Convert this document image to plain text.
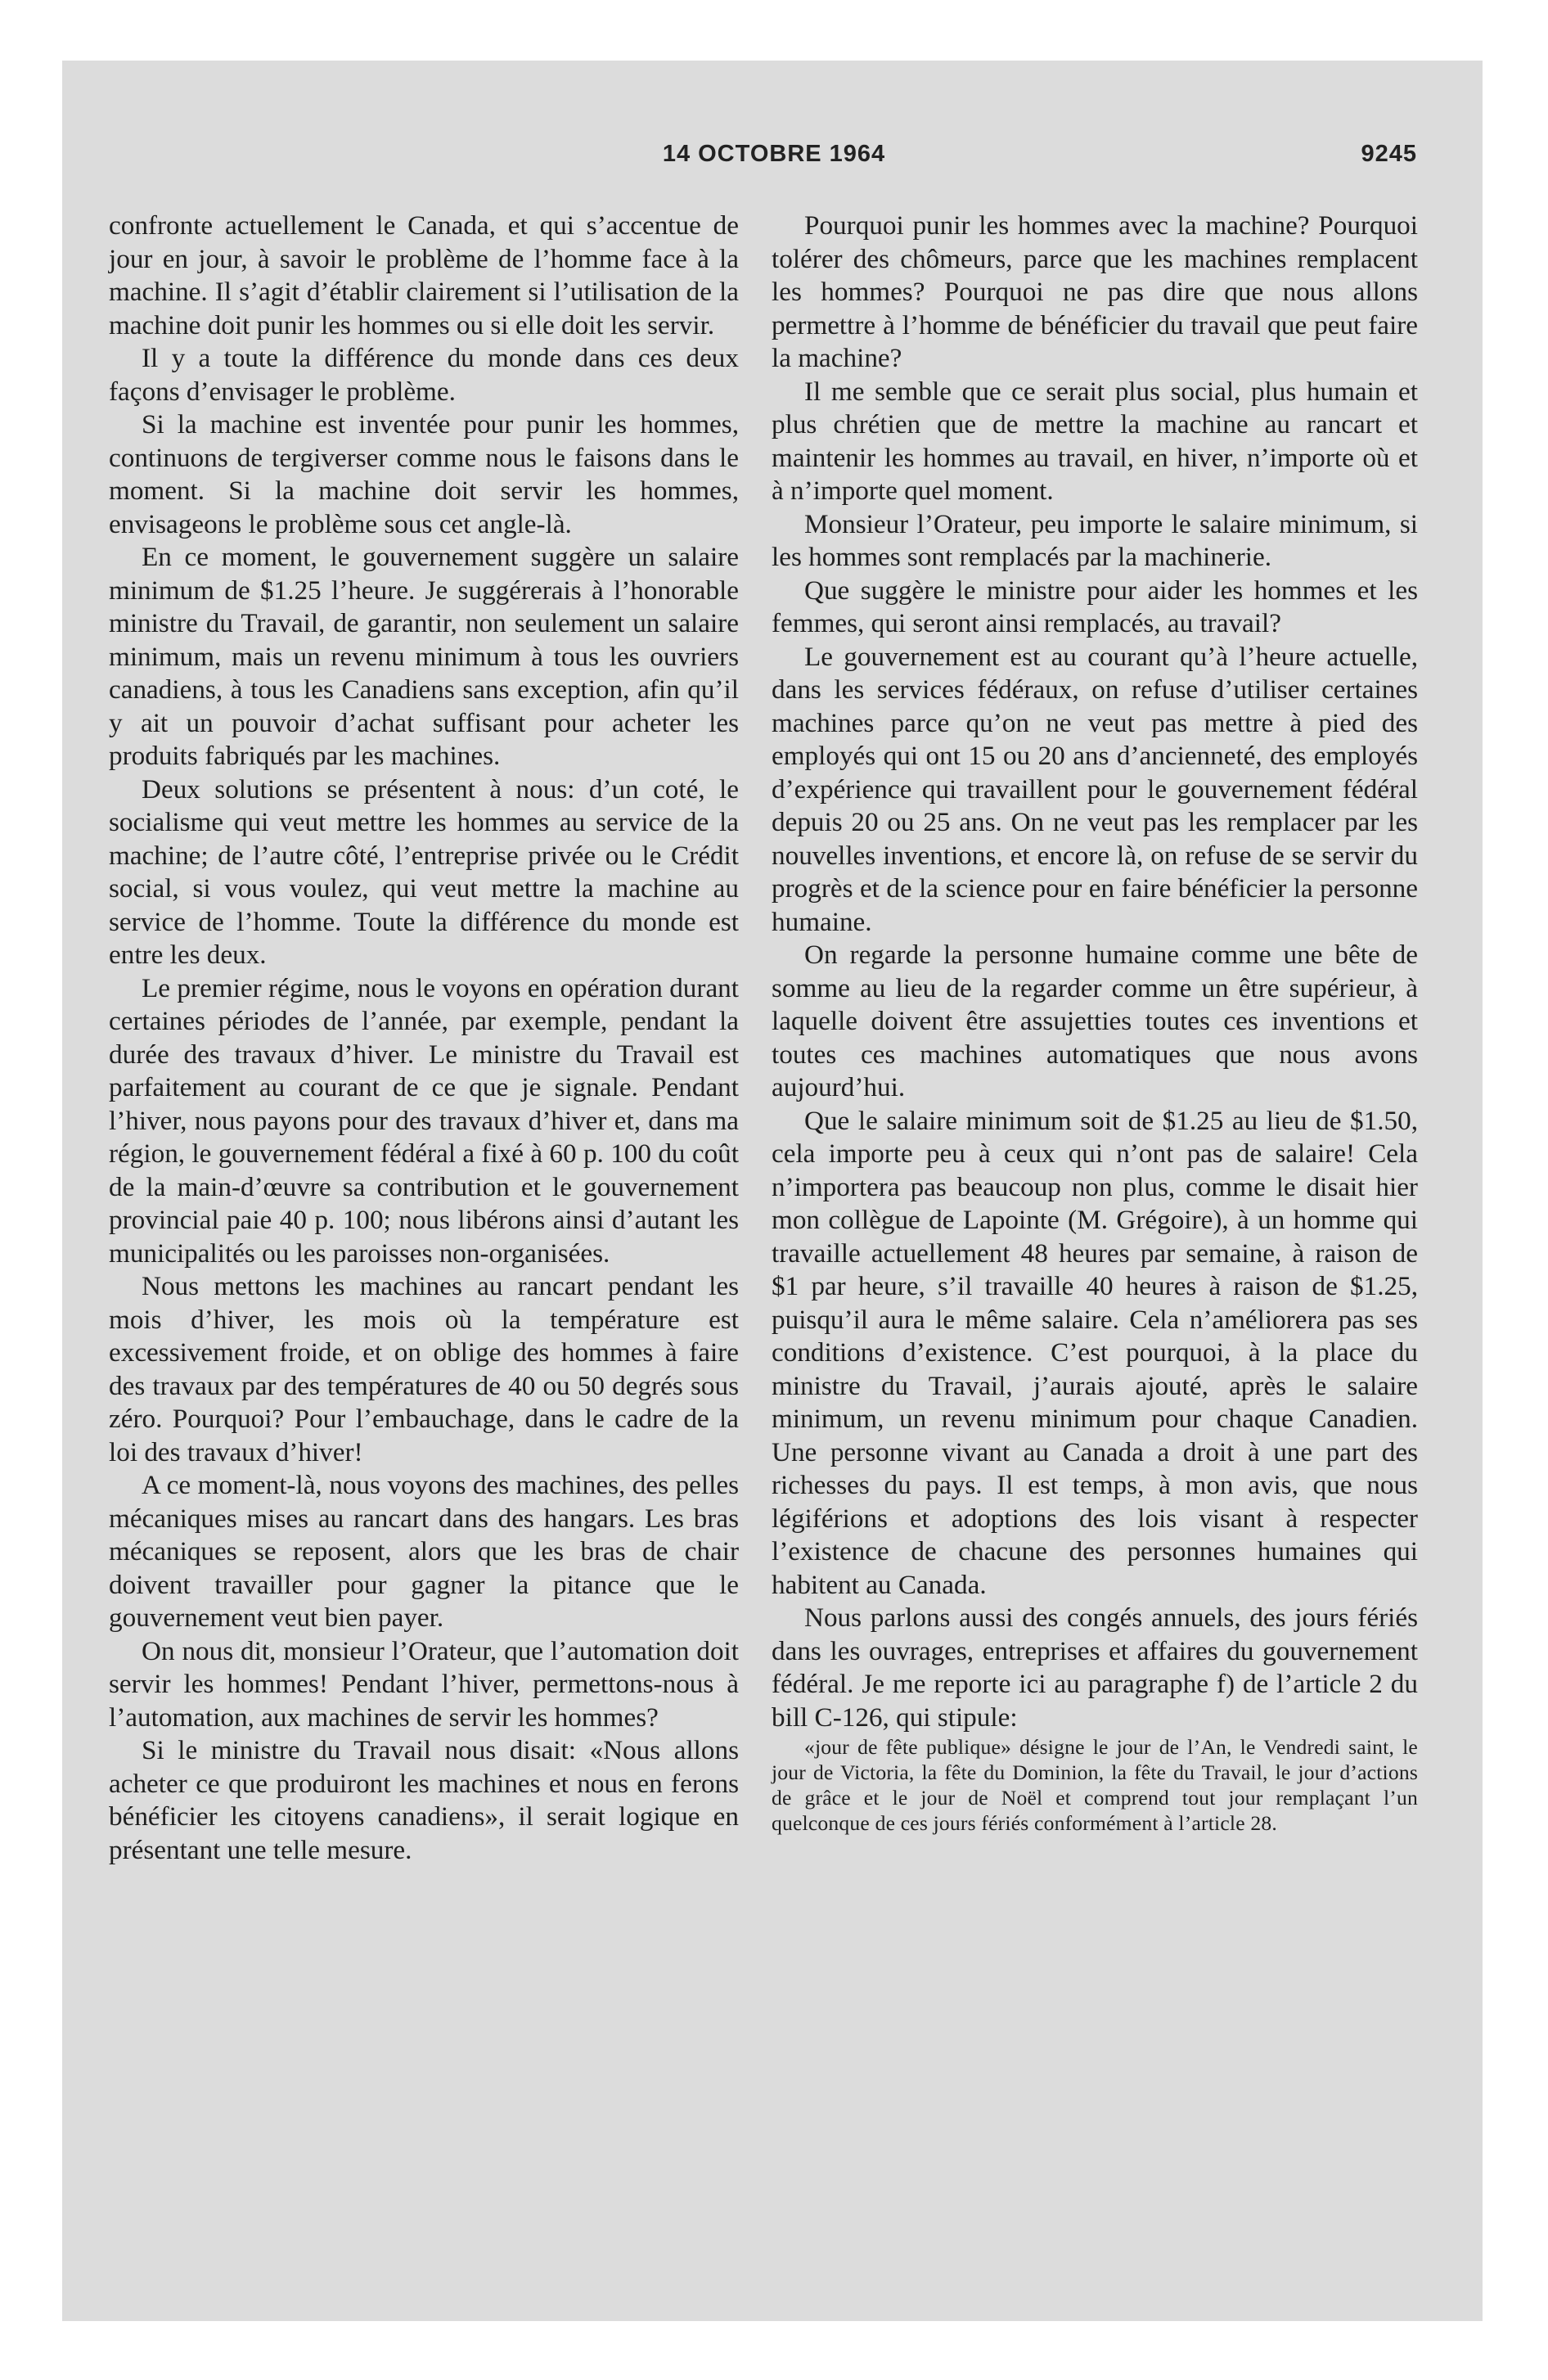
14 OCTOBRE 1964	9245

confronte actuellement le Canada, et qui s’accentue de jour en jour, à savoir le problème de l’homme face à la machine. Il s’agit d’établir clairement si l’utilisation de la machine doit punir les hommes ou si elle doit les servir.

Il y a toute la différence du monde dans ces deux façons d’envisager le problème.

Si la machine est inventée pour punir les hommes, continuons de tergiverser comme nous le faisons dans le moment. Si la machine doit servir les hommes, envisageons le problème sous cet angle-là.

En ce moment, le gouvernement suggère un salaire minimum de $1.25 l’heure. Je suggérerais à l’honorable ministre du Travail, de garantir, non seulement un salaire minimum, mais un revenu minimum à tous les ouvriers canadiens, à tous les Canadiens sans exception, afin qu’il y ait un pouvoir d’achat suffisant pour acheter les produits fabriqués par les machines.

Deux solutions se présentent à nous: d’un coté, le socialisme qui veut mettre les hommes au service de la machine; de l’autre côté, l’entreprise privée ou le Crédit social, si vous voulez, qui veut mettre la machine au service de l’homme. Toute la différence du monde est entre les deux.

Le premier régime, nous le voyons en opération durant certaines périodes de l’année, par exemple, pendant la durée des travaux d’hiver. Le ministre du Travail est parfaitement au courant de ce que je signale. Pendant l’hiver, nous payons pour des travaux d’hiver et, dans ma région, le gouvernement fédéral a fixé à 60 p. 100 du coût de la main-d’œuvre sa contribution et le gouvernement provincial paie 40 p. 100; nous libérons ainsi d’autant les municipalités ou les paroisses non-organisées.

Nous mettons les machines au rancart pendant les mois d’hiver, les mois où la température est excessivement froide, et on oblige des hommes à faire des travaux par des températures de 40 ou 50 degrés sous zéro. Pourquoi? Pour l’embauchage, dans le cadre de la loi des travaux d’hiver!

A ce moment-là, nous voyons des machines, des pelles mécaniques mises au rancart dans des hangars. Les bras mécaniques se reposent, alors que les bras de chair doivent travailler pour gagner la pitance que le gouvernement veut bien payer.

On nous dit, monsieur l’Orateur, que l’automation doit servir les hommes! Pendant l’hiver, permettons-nous à l’automation, aux machines de servir les hommes?

Si le ministre du Travail nous disait: «Nous allons acheter ce que produiront les machines et nous en ferons bénéficier les citoyens canadiens», il serait logique en présentant une telle mesure.

Pourquoi punir les hommes avec la machine? Pourquoi tolérer des chômeurs, parce que les machines remplacent les hommes? Pourquoi ne pas dire que nous allons permettre à l’homme de bénéficier du travail que peut faire la machine?

Il me semble que ce serait plus social, plus humain et plus chrétien que de mettre la machine au rancart et maintenir les hommes au travail, en hiver, n’importe où et à n’importe quel moment.

Monsieur l’Orateur, peu importe le salaire minimum, si les hommes sont remplacés par la machinerie.

Que suggère le ministre pour aider les hommes et les femmes, qui seront ainsi remplacés, au travail?

Le gouvernement est au courant qu’à l’heure actuelle, dans les services fédéraux, on refuse d’utiliser certaines machines parce qu’on ne veut pas mettre à pied des employés qui ont 15 ou 20 ans d’ancienneté, des employés d’expérience qui travaillent pour le gouvernement fédéral depuis 20 ou 25 ans. On ne veut pas les remplacer par les nouvelles inventions, et encore là, on refuse de se servir du progrès et de la science pour en faire bénéficier la personne humaine.

On regarde la personne humaine comme une bête de somme au lieu de la regarder comme un être supérieur, à laquelle doivent être assujetties toutes ces inventions et toutes ces machines automatiques que nous avons aujourd’hui.

Que le salaire minimum soit de $1.25 au lieu de $1.50, cela importe peu à ceux qui n’ont pas de salaire! Cela n’importera pas beaucoup non plus, comme le disait hier mon collègue de Lapointe (M. Grégoire), à un homme qui travaille actuellement 48 heures par semaine, à raison de $1 par heure, s’il travaille 40 heures à raison de $1.25, puisqu’il aura le même salaire. Cela n’améliorera pas ses conditions d’existence. C’est pourquoi, à la place du ministre du Travail, j’aurais ajouté, après le salaire minimum, un revenu minimum pour chaque Canadien. Une personne vivant au Canada a droit à une part des richesses du pays. Il est temps, à mon avis, que nous légiférions et adoptions des lois visant à respecter l’existence de chacune des personnes humaines qui habitent au Canada.

Nous parlons aussi des congés annuels, des jours fériés dans les ouvrages, entreprises et affaires du gouvernement fédéral. Je me reporte ici au paragraphe f) de l’article 2 du bill C-126, qui stipule:

«jour de fête publique» désigne le jour de l’An, le Vendredi saint, le jour de Victoria, la fête du Dominion, la fête du Travail, le jour d’actions de grâce et le jour de Noël et comprend tout jour remplaçant l’un quelconque de ces jours fériés conformément à l’article 28.
